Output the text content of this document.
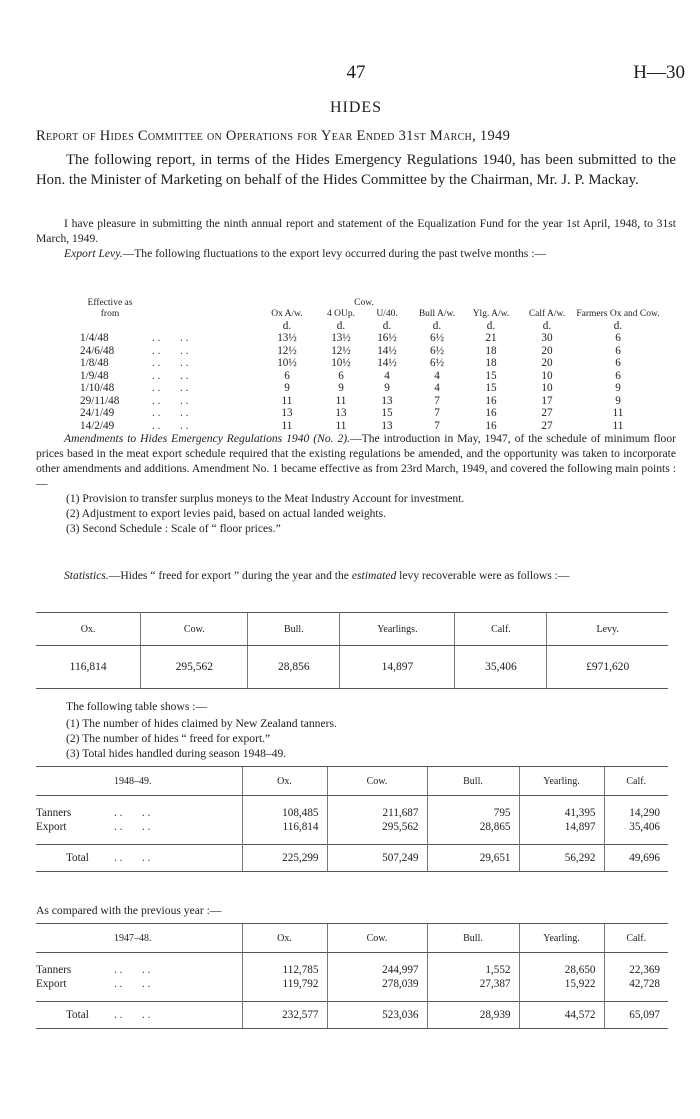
47	H—30
HIDES
Report of Hides Committee on Operations for Year Ended 31st March, 1949

The following report, in terms of the Hides Emergency Regulations 1940, has been submitted to the Hon. the Minister of Marketing on behalf of the Hides Committee by the Chairman, Mr. J. P. Mackay.

I have pleasure in submitting the ninth annual report and statement of the Equalization Fund for the year 1st April, 1948, to 31st March, 1949.

Export Levy.—The following fluctuations to the export levy occurred during the past twelve months :—

Effective as from	Ox A/w.	Cow.		Bull A/w.	Ylg. A/w.	Calf A/w.	Farmers Ox and Cow.
		4 OUp.	U/40.				
	d.	d.	d.	d.	d.	d.	d.
1/4/48 . .       . .	13½	13½	16½	6½	21	30	6
24/6/48 . .       . .	12½	12½	14½	6½	18	20	6
1/8/48 . .       . .	10½	10½	14½	6½	18	20	6
1/9/48 . .       . .	6	6	4	4	15	10	6
1/10/48 . .       . .	9	9	9	4	15	10	9
29/11/48 . .       . .	11	11	13	7	16	17	9
24/1/49 . .       . .	13	13	15	7	16	27	11
14/2/49 . .       . .	11	11	13	7	16	27	11

Amendments to Hides Emergency Regulations 1940 (No. 2).—The introduction in May, 1947, of the schedule of minimum floor prices based in the meat export schedule required that the existing regulations be amended, and the opportunity was taken to incorporate other amendments and additions. Amendment No. 1 became effective as from 23rd March, 1949, and covered the following main points :—

(1) Provision to transfer surplus moneys to the Meat Industry Account for investment.
(2) Adjustment to export levies paid, based on actual landed weights.
(3) Second Schedule : Scale of “ floor prices.”

Statistics.—Hides “ freed for export ” during the year and the estimated levy recoverable were as follows :—

Ox.	Cow.	Bull.	Yearlings.	Calf.	Levy.
116,814	295,562	28,856	14,897	35,406	£971,620

The following table shows :—

(1) The number of hides claimed by New Zealand tanners.
(2) The number of hides “ freed for export.”
(3) Total hides handled during season 1948–49.
1948–49.	Ox.	Cow.	Bull.	Yearling.	Calf.

Tanners . .       . .	108,485	211,687	795	41,395	14,290
Export . .       . .	116,814	295,562	28,865	14,897	35,406

Total . .       . .	225,299	507,249	29,651	56,292	49,696

As compared with the previous year :—

1947–48.	Ox.	Cow.	Bull.	Yearling.	Calf.

Tanners . .       . .	112,785	244,997	1,552	28,650	22,369
Export . .       . .	119,792	278,039	27,387	15,922	42,728

Total . .       . .	232,577	523,036	28,939	44,572	65,097
